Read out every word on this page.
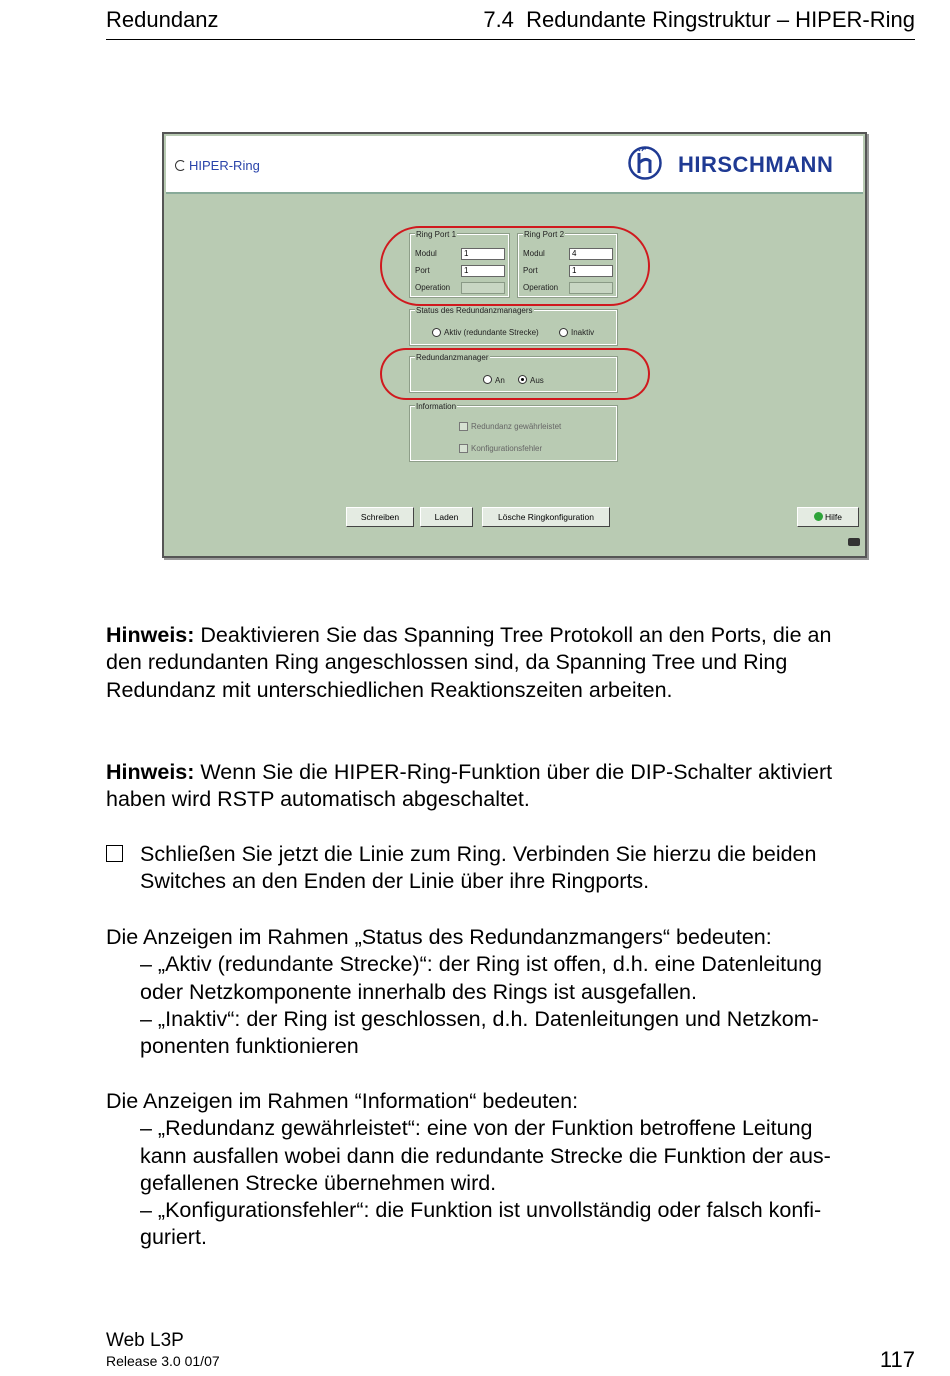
Redundanz	7.4  Redundante Ringstruktur – HIPER-Ring
HIPER-Ring	HIRSCHMANN
Ring Port 1
Modul	1
Port	1
Operation
Ring Port 2
Modul	4
Port	1
Operation
Status des Redundanzmanagers
Aktiv (redundante Strecke)	Inaktiv
Redundanzmanager
An	Aus
Information
Redundanz gewährleistet
Konfigurationsfehler
Schreiben	Laden	Lösche Ringkonfiguration	Hilfe
Hinweis: Deaktivieren Sie das Spanning Tree Protokoll an den Ports, die an
den redundanten Ring angeschlossen sind, da Spanning Tree und Ring
Redundanz mit unterschiedlichen Reaktionszeiten arbeiten.
Hinweis: Wenn Sie die HIPER-Ring-Funktion über die DIP-Schalter aktiviert
haben wird RSTP automatisch abgeschaltet.
Schließen Sie jetzt die Linie zum Ring. Verbinden Sie hierzu die beiden
Switches an den Enden der Linie über ihre Ringports.
Die Anzeigen im Rahmen „Status des Redundanzmangers“ bedeuten:
– „Aktiv (redundante Strecke)“: der Ring ist offen, d.h. eine Datenleitung
oder Netzkomponente innerhalb des Rings ist ausgefallen.
– „Inaktiv“: der Ring ist geschlossen, d.h. Datenleitungen und Netzkom-
ponenten funktionieren
Die Anzeigen im Rahmen “Information“ bedeuten:
– „Redundanz gewährleistet“: eine von der Funktion betroffene Leitung
kann ausfallen wobei dann die redundante Strecke die Funktion der aus-
gefallenen Strecke übernehmen wird.
– „Konfigurationsfehler“: die Funktion ist unvollständig oder falsch konfi-
guriert.
Web L3P
Release 3.0 01/07	117
